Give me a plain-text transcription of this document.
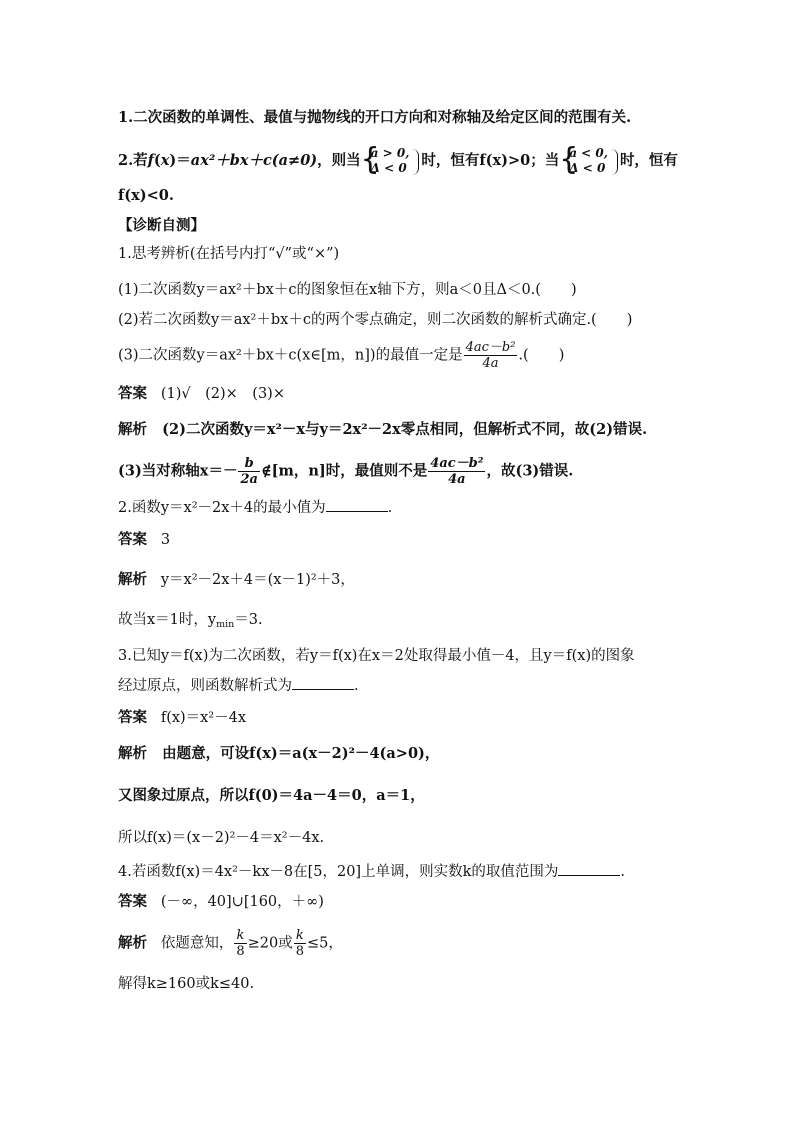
1.二次函数的单调性、最值与抛物线的开口方向和对称轴及给定区间的范围有关.
2.若f(x)＝ax²＋bx＋c(a≠0)，则当 {
a > 0,
Δ < 0 时，恒有f(x)>0；当 {
a < 0,
Δ < 0 时，恒有
f(x)<0.
【诊断自测】
1.思考辨析(在括号内打“√”或“×”)
(1)二次函数y＝ax²＋bx＋c的图象恒在x轴下方，则a＜0且Δ＜0.( )
(2)若二次函数y＝ax²＋bx＋c的两个零点确定，则二次函数的解析式确定.( )
(3)二次函数y＝ax²＋bx＋c(x∈[m，n])的最值一定是 $\frac{\text{4ac－b²}}{4a}$ .( )
答案 (1)√　(2)×　(3)×
解析 (2)二次函数y＝x²－x与y＝2x²－2x零点相同，但解析式不同，故(2)错误.
(3)当对称轴$x=- \frac{b}{2a}$ ∉[m，n]时，最值则不是 $\frac{\text{4ac－b²}}{4a}$ ，故(3)错误.
2.函数y＝x²－2x＋4的最小值为	.
答案 3
解析 y＝x²－2x＋4＝(x－1)²＋3，
故当x＝1时，$y_{min}=3$.
3.已知y＝f(x)为二次函数，若y＝f(x)在x＝2处取得最小值－4，且y＝f(x)的图象
经过原点，则函数解析式为	.
答案 f(x)＝x²－4x
解析 由题意，可设f(x)＝a(x－2)²－4(a>0)，
又图象过原点，所以f(0)＝4a－4＝0，a＝1，
所以f(x)＝(x－2)²－4＝x²－4x.
4.若函数f(x)＝4x²－kx－8在[5，20]上单调，则实数k的取值范围为	.
答案 (－∞，40]∪[160，＋∞)
解析 依题意知， $\frac{k}{8} \ge 20$或 $\frac{k}{8} \le 5$，
解得k≥160或k≤40.
